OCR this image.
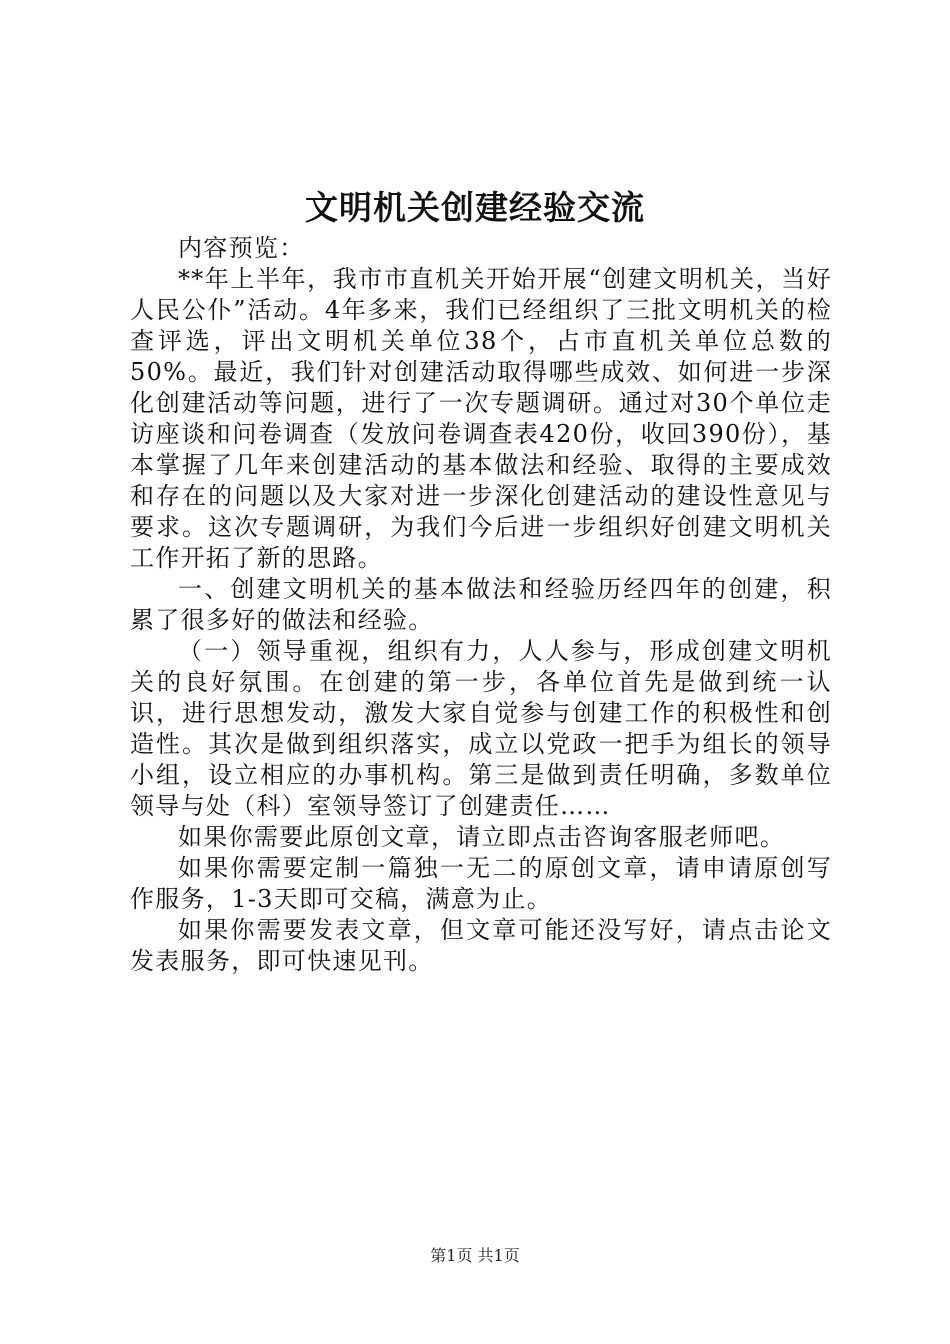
文明机关创建经验交流

内容预览：

**年上半年，我市市直机关开始开展“创建文明机关，当好人民公仆”活动。4年多来，我们已经组织了三批文明机关的检查评选，评出文明机关单位38个，占市直机关单位总数的50%。最近，我们针对创建活动取得哪些成效、如何进一步深化创建活动等问题，进行了一次专题调研。通过对30个单位走访座谈和问卷调查（发放问卷调查表420份，收回390份），基本掌握了几年来创建活动的基本做法和经验、取得的主要成效和存在的问题以及大家对进一步深化创建活动的建设性意见与要求。这次专题调研，为我们今后进一步组织好创建文明机关工作开拓了新的思路。

一、创建文明机关的基本做法和经验历经四年的创建，积累了很多好的做法和经验。

（一）领导重视，组织有力，人人参与，形成创建文明机关的良好氛围。在创建的第一步，各单位首先是做到统一认识，进行思想发动，激发大家自觉参与创建工作的积极性和创造性。其次是做到组织落实，成立以党政一把手为组长的领导小组，设立相应的办事机构。第三是做到责任明确，多数单位领导与处（科）室领导签订了创建责任……

如果你需要此原创文章，请立即点击咨询客服老师吧。

如果你需要定制一篇独一无二的原创文章，请申请原创写作服务，1-3天即可交稿，满意为止。

如果你需要发表文章，但文章可能还没写好，请点击论文发表服务，即可快速见刊。

第1页 共1页
